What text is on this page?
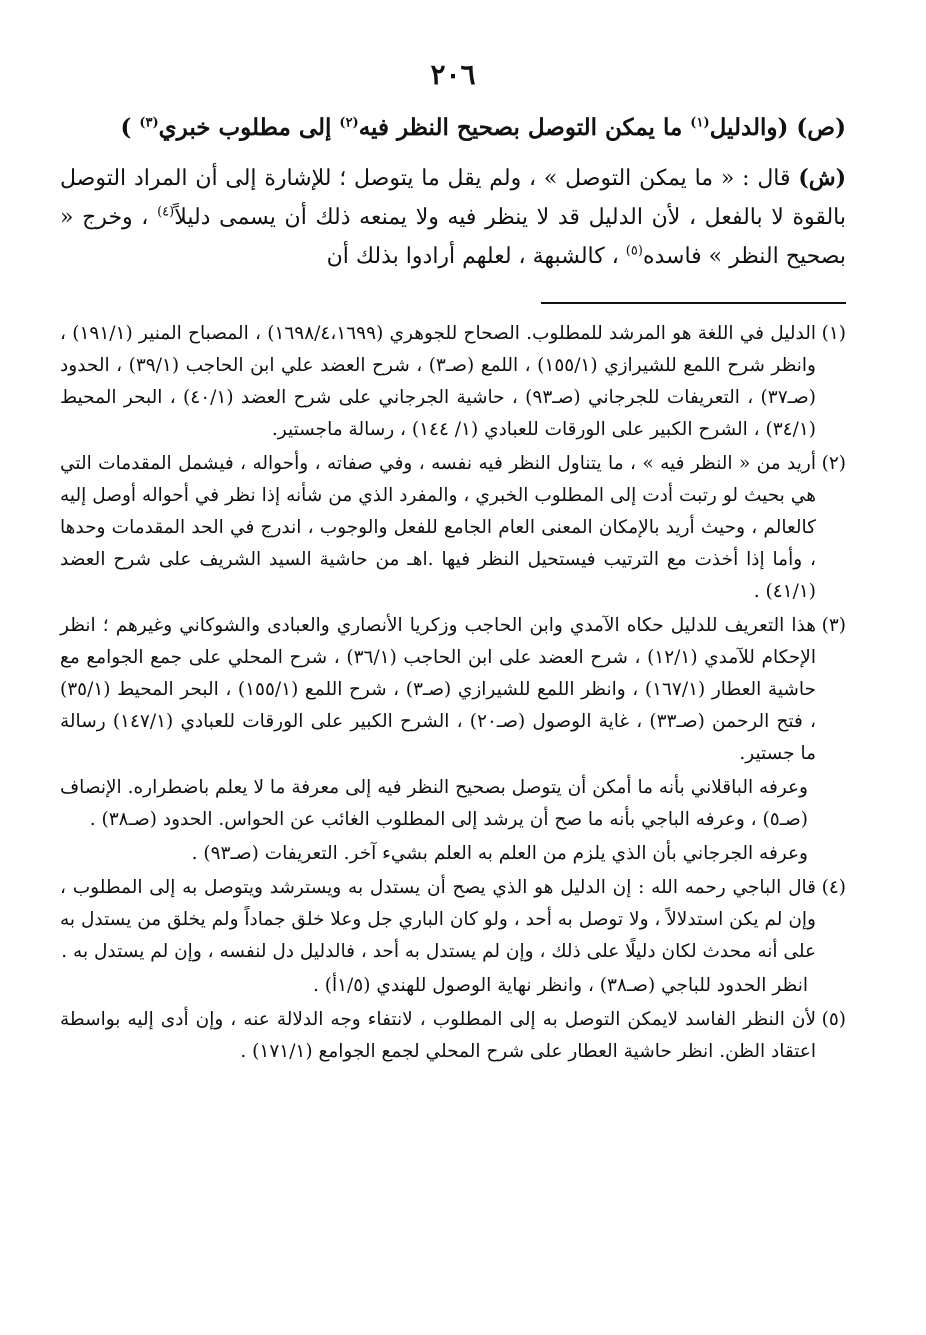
٢٠٦
(ص) (والدليل$^{(١)}$ ما يمكن التوصل بصحيح النظر فيه$^{(٢)}$ إلى مطلوب خبري$^{(٣)}$ )

(ش) قال : « ما يمكن التوصل » ، ولم يقل ما يتوصل ؛ للإشارة إلى أن المراد التوصل بالقوة لا بالفعل ، لأن الدليل قد لا ينظر فيه ولا يمنعه ذلك أن يسمى دليلاً$^{(٤)}$ ، وخرج « بصحيح النظر » فاسده$^{(٥)}$ ، كالشبهة ، لعلهم أرادوا بذلك أن

(١)

الدليل في اللغة هو المرشد للمطلوب. الصحاح للجوهري (١٦٩٨/٤،١٦٩٩) ، المصباح المنير (١٩١/١) ، وانظر شرح اللمع للشيرازي (١٥٥/١) ، اللمع (صـ٣) ، شرح العضد علي ابن الحاجب (٣٩/١) ، الحدود (صـ٣٧) ، التعريفات للجرجاني (صـ٩٣) ، حاشية الجرجاني على شرح العضد (٤٠/١) ، البحر المحيط (٣٤/١) ، الشرح الكبير على الورقات للعبادي (١/ ١٤٤) ، رسالة ماجستير.

(٢)

أريد من « النظر فيه » ، ما يتناول النظر فيه نفسه ، وفي صفاته ، وأحواله ، فيشمل المقدمات التي هي بحيث لو رتبت أدت إلى المطلوب الخبري ، والمفرد الذي من شأنه إذا نظر في أحواله أوصل إليه كالعالم ، وحيث أريد بالإمكان المعنى العام الجامع للفعل والوجوب ، اندرج في الحد المقدمات وحدها ، وأما إذا أخذت مع الترتيب فيستحيل النظر فيها .اهـ من حاشية السيد الشريف على شرح العضد (٤١/١) .

(٣)

هذا التعريف للدليل حكاه الآمدي وابن الحاجب وزكريا الأنصاري والعبادى والشوكاني وغيرهم ؛ انظر الإحكام للآمدي (١٢/١) ، شرح العضد على ابن الحاجب (٣٦/١) ، شرح المحلي على جمع الجوامع مع حاشية العطار (١٦٧/١) ، وانظر اللمع للشيرازي (صـ٣) ، شرح اللمع (١٥٥/١) ، البحر المحيط (٣٥/١) ، فتح الرحمن (صـ٣٣) ، غاية الوصول (صـ٢٠) ، الشرح الكبير على الورقات للعبادي (١٤٧/١) رسالة ما جستير.

وعرفه الباقلاني بأنه ما أمكن أن يتوصل بصحيح النظر فيه إلى معرفة ما لا يعلم باضطراره. الإنصاف (صـ٥) ، وعرفه الباجي بأنه ما صح أن يرشد إلى المطلوب الغائب عن الحواس. الحدود (صـ٣٨) .

وعرفه الجرجاني بأن الذي يلزم من العلم به العلم بشيء آخر. التعريفات (صـ٩٣) .

(٤)

قال الباجي رحمه الله : إن الدليل هو الذي يصح أن يستدل به ويسترشد ويتوصل به إلى المطلوب ، وإن لم يكن استدلالاً ، ولا توصل به أحد ، ولو كان الباري جل وعلا خلق جماداً ولم يخلق من يستدل به على أنه محدث لكان دليلًا على ذلك ، وإن لم يستدل به أحد ، فالدليل دل لنفسه ، وإن لم يستدل به .

انظر الحدود للباجي (صـ٣٨) ، وانظر نهاية الوصول للهندي (١/٥أ) .

(٥)

لأن النظر الفاسد لايمكن التوصل به إلى المطلوب ، لانتفاء وجه الدلالة عنه ، وإن أدى إليه بواسطة اعتقاد الظن. انظر حاشية العطار على شرح المحلي لجمع الجوامع (١٧١/١) .
